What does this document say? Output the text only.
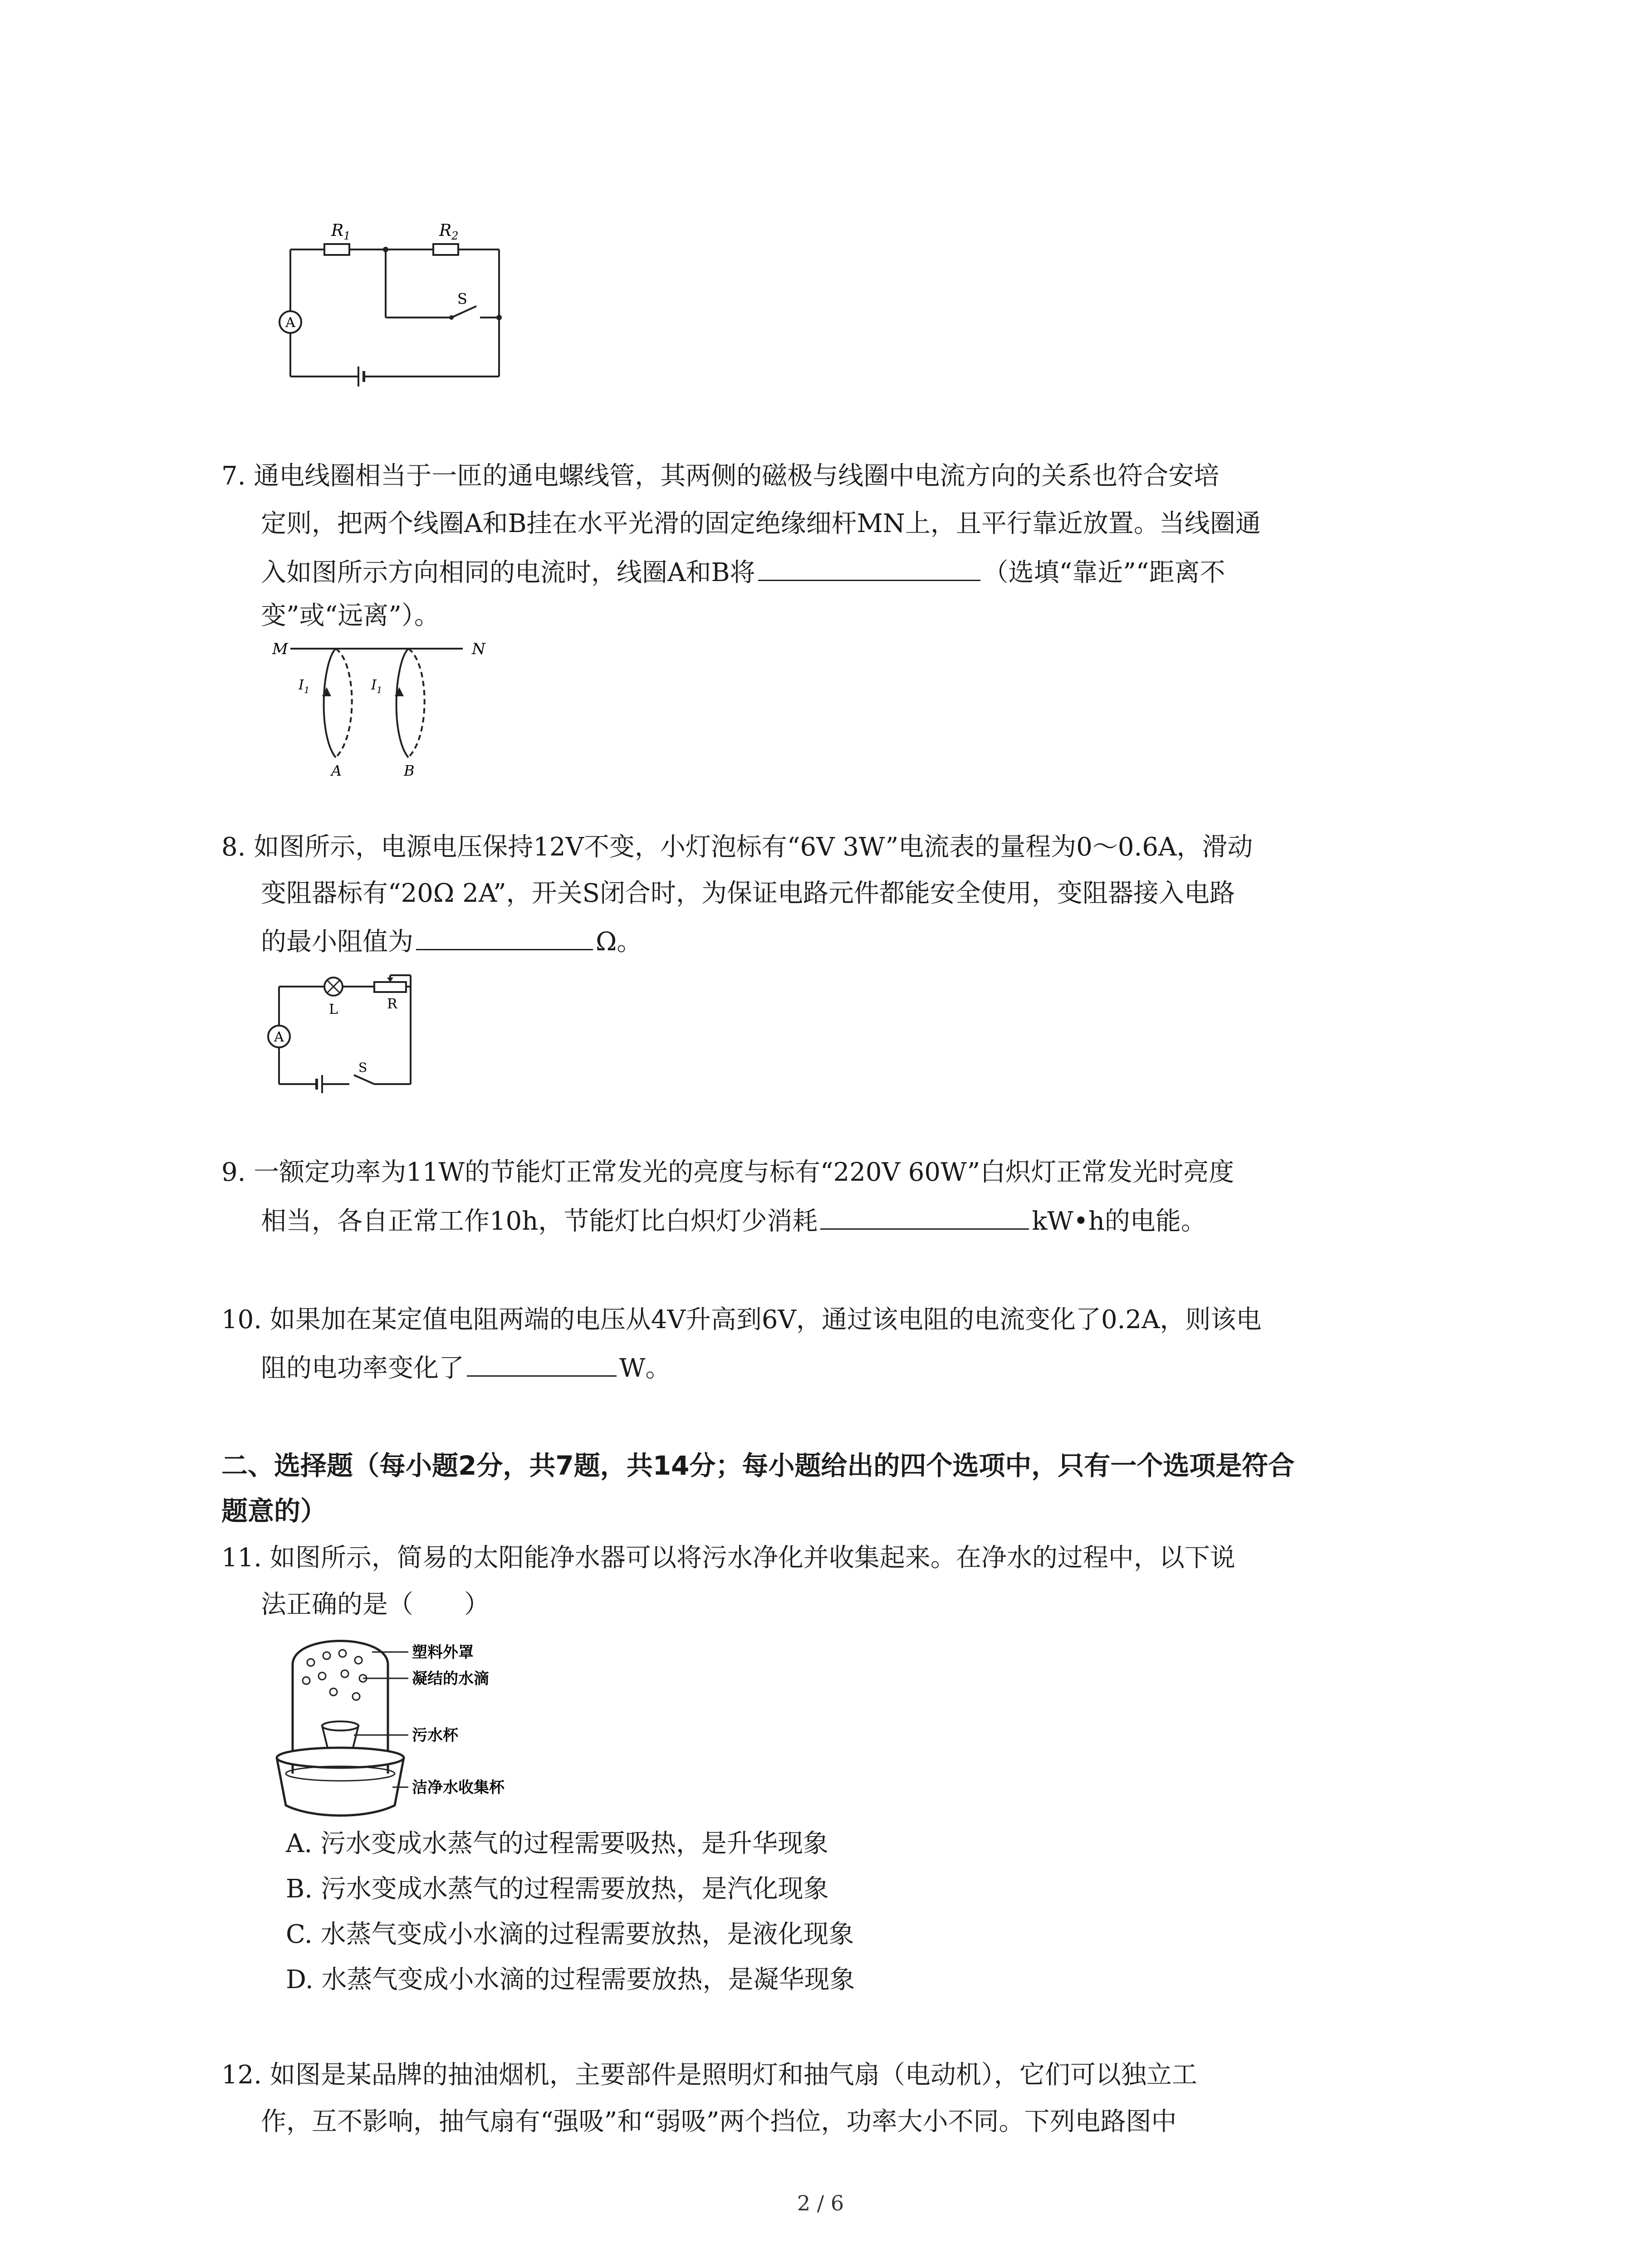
A
$R_1$	$R_2$
S
7. 通电线圈相当于一匝的通电螺线管，其两侧的磁极与线圈中电流方向的关系也符合安培
定则，把两个线圈A和B挂在水平光滑的固定绝缘细杆MN上，且平行靠近放置。当线圈通
入如图所示方向相同的电流时，线圈A和B将	（选填“靠近”“距离不
变”或“远离”）。
M	N
$I_1$	$I_1$
A	B
8. 如图所示，电源电压保持12V不变，小灯泡标有“6V 3W”电流表的量程为0～0.6A，滑动
变阻器标有“20Ω 2A”，开关S闭合时，为保证电路元件都能安全使用，变阻器接入电路
的最小阻值为	Ω。
A
L	R
S
9. 一额定功率为11W的节能灯正常发光的亮度与标有“220V 60W”白炽灯正常发光时亮度
相当，各自正常工作10h，节能灯比白炽灯少消耗	kW•h的电能。
10. 如果加在某定值电阻两端的电压从4V升高到6V，通过该电阻的电流变化了0.2A，则该电
阻的电功率变化了	W。
二、选择题（每小题2分，共7题，共14分；每小题给出的四个选项中，只有一个选项是符合
题意的）
11. 如图所示，简易的太阳能净水器可以将污水净化并收集起来。在净水的过程中，以下说
法正确的是（　　）
塑料外罩
凝结的水滴
污水杯
洁净水收集杯
A. 污水变成水蒸气的过程需要吸热，是升华现象
B. 污水变成水蒸气的过程需要放热，是汽化现象
C. 水蒸气变成小水滴的过程需要放热，是液化现象
D. 水蒸气变成小水滴的过程需要放热，是凝华现象
12. 如图是某品牌的抽油烟机，主要部件是照明灯和抽气扇（电动机），它们可以独立工
作，互不影响，抽气扇有“强吸”和“弱吸”两个挡位，功率大小不同。下列电路图中
2 / 6
